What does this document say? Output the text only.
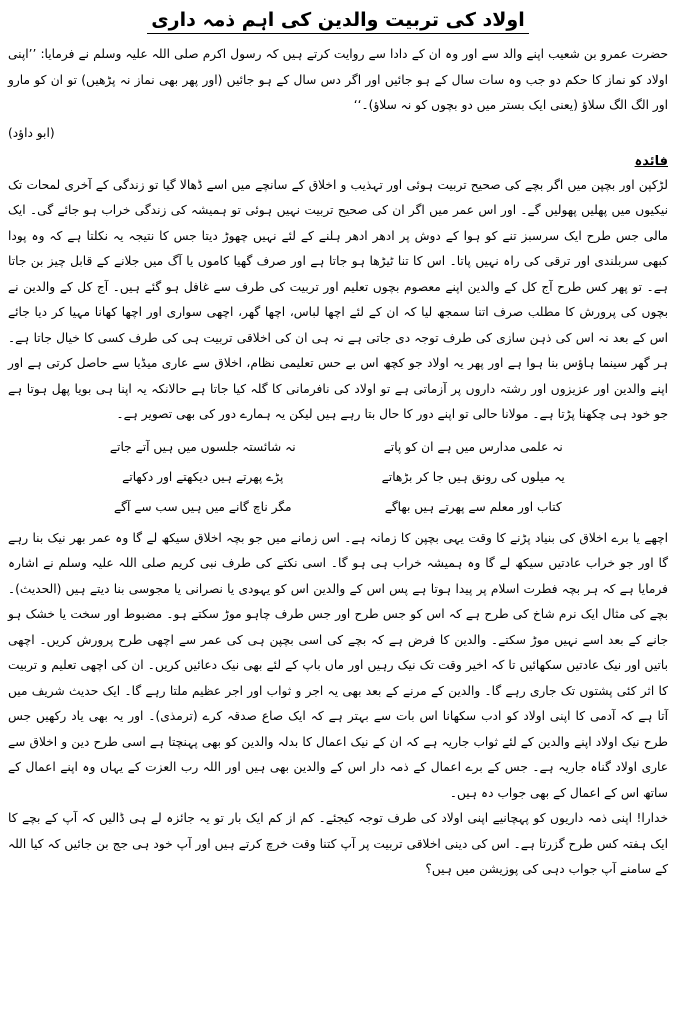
اولاد کی تربیت والدین کی اہم ذمہ داری

حضرت عمرو بن شعیب اپنے والد سے اور وہ ان کے دادا سے روایت کرتے ہیں کہ رسول اکرم صلی اللہ علیہ وسلم نے فرمایا: ’’اپنی اولاد کو نماز کا حکم دو جب وہ سات سال کے ہو جائیں اور اگر دس سال کے ہو جائیں (اور پھر بھی نماز نہ پڑھیں) تو ان کو مارو اور الگ الگ سلاؤ (یعنی ایک بستر میں دو بچوں کو نہ سلاؤ)۔‘‘

(ابو داؤد)
فائدہ

لڑکپن اور بچپن میں اگر بچے کی صحیح تربیت ہوئی اور تہذیب و اخلاق کے سانچے میں اسے ڈھالا گیا تو زندگی کے آخری لمحات تک نیکیوں میں پھلیں پھولیں گے۔ اور اس عمر میں اگر ان کی صحیح تربیت نہیں ہوئی تو ہمیشہ کی زندگی خراب ہو جائے گی۔ ایک مالی جس طرح ایک سرسبز تنے کو ہوا کے دوش پر ادھر ادھر ہلنے کے لئے نہیں چھوڑ دیتا جس کا نتیجہ یہ نکلتا ہے کہ وہ پودا کبھی سربلندی اور ترقی کی راہ نہیں پاتا۔ اس کا تنا ٹیڑھا ہو جاتا ہے اور صرف گھیا کاموں یا آگ میں جلانے کے قابل چیز بن جاتا ہے۔ تو پھر کس طرح آج کل کے والدین اپنے معصوم بچوں تعلیم اور تربیت کی طرف سے غافل ہو گئے ہیں۔ آج کل کے والدین نے بچوں کی پرورش کا مطلب صرف اتنا سمجھ لیا کہ ان کے لئے اچھا لباس، اچھا گھر، اچھی سواری اور اچھا کھانا مہیا کر دیا جائے اس کے بعد نہ اس کی ذہن سازی کی طرف توجہ دی جاتی ہے نہ ہی ان کی اخلاقی تربیت ہی کی طرف کسی کا خیال جاتا ہے۔ ہر گھر سینما ہاؤس بنا ہوا ہے اور پھر یہ اولاد جو کچھ اس بے حس تعلیمی نظام، اخلاق سے عاری میڈیا سے حاصل کرتی ہے اور اپنے والدین اور عزیزوں اور رشتہ داروں پر آزماتی ہے تو اولاد کی نافرمانی کا گلہ کیا جاتا ہے حالانکہ یہ اپنا ہی بویا پھل ہوتا ہے جو خود ہی چکھنا پڑتا ہے۔ مولانا حالی تو اپنے دور کا حال بتا رہے ہیں لیکن یہ ہمارے دور کی بھی تصویر ہے۔

نہ علمی مدارس میں ہے ان کو پاتے
نہ شائستہ جلسوں میں ہیں آتے جاتے
یہ میلوں کی رونق ہیں جا کر بڑھاتے
پڑے پھرتے ہیں دیکھتے اور دکھاتے
کتاب اور معلم سے پھرتے ہیں بھاگے
مگر ناچ گانے میں ہیں سب سے آگے

اچھے یا برے اخلاق کی بنیاد پڑنے کا وقت یہی بچپن کا زمانہ ہے۔ اس زمانے میں جو بچہ اخلاق سیکھ لے گا وہ عمر بھر نیک بنا رہے گا اور جو خراب عادتیں سیکھ لے گا وہ ہمیشہ خراب ہی ہو گا۔ اسی نکتے کی طرف نبی کریم صلی اللہ علیہ وسلم نے اشارہ فرمایا ہے کہ ہر بچہ فطرت اسلام پر پیدا ہوتا ہے پس اس کے والدین اس کو یہودی یا نصرانی یا مجوسی بنا دیتے ہیں (الحدیث)۔ بچے کی مثال ایک نرم شاخ کی طرح ہے کہ اس کو جس طرح اور جس طرف چاہو موڑ سکتے ہو۔ مضبوط اور سخت یا خشک ہو جانے کے بعد اسے نہیں موڑ سکتے۔ والدین کا فرض ہے کہ بچے کی اسی بچپن ہی کی عمر سے اچھی طرح پرورش کریں۔ اچھی باتیں اور نیک عادتیں سکھائیں تا کہ اخیر وقت تک نیک رہیں اور ماں باپ کے لئے بھی نیک دعائیں کریں۔ ان کی اچھی تعلیم و تربیت کا اثر کئی پشتوں تک جاری رہے گا۔ والدین کے مرنے کے بعد بھی یہ اجر و ثواب اور اجر عظیم ملتا رہے گا۔ ایک حدیث شریف میں آتا ہے کہ آدمی کا اپنی اولاد کو ادب سکھانا اس بات سے بہتر ہے کہ ایک صاع صدقہ کرے (ترمذی)۔ اور یہ بھی یاد رکھیں جس طرح نیک اولاد اپنے والدین کے لئے ثواب جاریہ ہے کہ ان کے نیک اعمال کا بدلہ والدین کو بھی پہنچتا ہے اسی طرح دین و اخلاق سے عاری اولاد گناہ جاریہ ہے۔ جس کے برے اعمال کے ذمہ دار اس کے والدین بھی ہیں اور اللہ رب العزت کے یہاں وہ اپنے اعمال کے ساتھ اس کے اعمال کے بھی جواب دہ ہیں۔

خدارا! اپنی ذمہ داریوں کو پہچانیے اپنی اولاد کی طرف توجہ کیجئے۔ کم از کم ایک بار تو یہ جائزہ لے ہی ڈالیں کہ آپ کے بچے کا ایک ہفتہ کس طرح گزرتا ہے۔ اس کی دینی اخلاقی تربیت پر آپ کتنا وقت خرچ کرتے ہیں اور آپ خود ہی جج بن جائیں کہ کیا اللہ کے سامنے آپ جواب دہی کی پوزیشن میں ہیں؟
